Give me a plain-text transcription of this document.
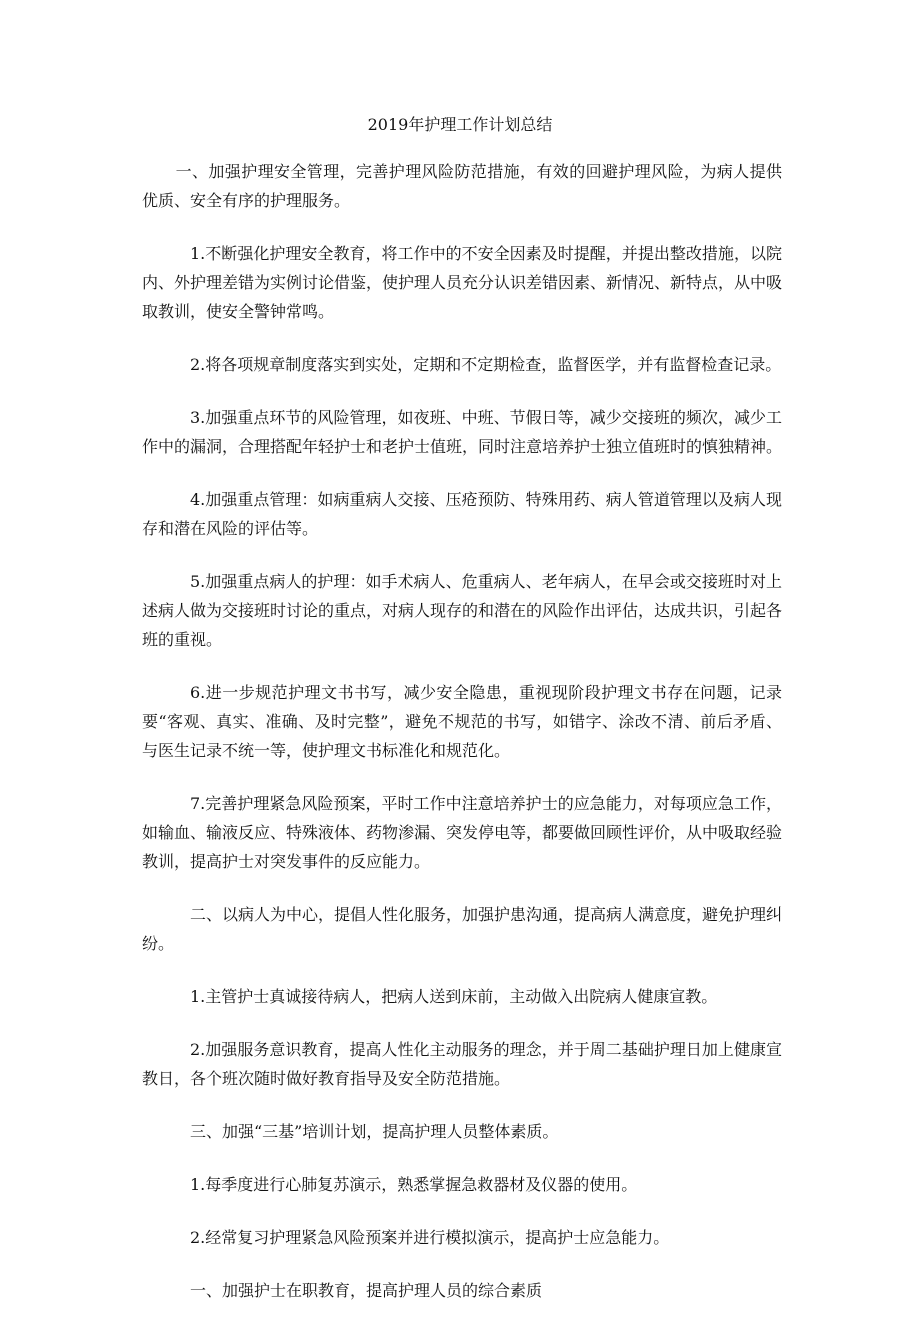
2019年护理工作计划总结

一、加强护理安全管理，完善护理风险防范措施，有效的回避护理风险，为病人提供优质、安全有序的护理服务。

1.不断强化护理安全教育，将工作中的不安全因素及时提醒，并提出整改措施，以院内、外护理差错为实例讨论借鉴，使护理人员充分认识差错因素、新情况、新特点，从中吸取教训，使安全警钟常鸣。

2.将各项规章制度落实到实处，定期和不定期检查，监督医学，并有监督检查记录。

3.加强重点环节的风险管理，如夜班、中班、节假日等，减少交接班的频次，减少工作中的漏洞，合理搭配年轻护士和老护士值班，同时注意培养护士独立值班时的慎独精神。

4.加强重点管理：如病重病人交接、压疮预防、特殊用药、病人管道管理以及病人现存和潜在风险的评估等。

5.加强重点病人的护理：如手术病人、危重病人、老年病人，在早会或交接班时对上述病人做为交接班时讨论的重点，对病人现存的和潜在的风险作出评估，达成共识，引起各班的重视。

6.进一步规范护理文书书写，减少安全隐患，重视现阶段护理文书存在问题，记录要“客观、真实、准确、及时完整”，避免不规范的书写，如错字、涂改不清、前后矛盾、与医生记录不统一等，使护理文书标准化和规范化。

7.完善护理紧急风险预案，平时工作中注意培养护士的应急能力，对每项应急工作，如输血、输液反应、特殊液体、药物渗漏、突发停电等，都要做回顾性评价，从中吸取经验教训，提高护士对突发事件的反应能力。

二、以病人为中心，提倡人性化服务，加强护患沟通，提高病人满意度，避免护理纠纷。

1.主管护士真诚接待病人，把病人送到床前，主动做入出院病人健康宣教。

2.加强服务意识教育，提高人性化主动服务的理念，并于周二基础护理日加上健康宣教日，各个班次随时做好教育指导及安全防范措施。

三、加强“三基”培训计划，提高护理人员整体素质。

1.每季度进行心肺复苏演示，熟悉掌握急救器材及仪器的使用。

2.经常复习护理紧急风险预案并进行模拟演示，提高护士应急能力。

一、加强护士在职教育，提高护理人员的综合素质
